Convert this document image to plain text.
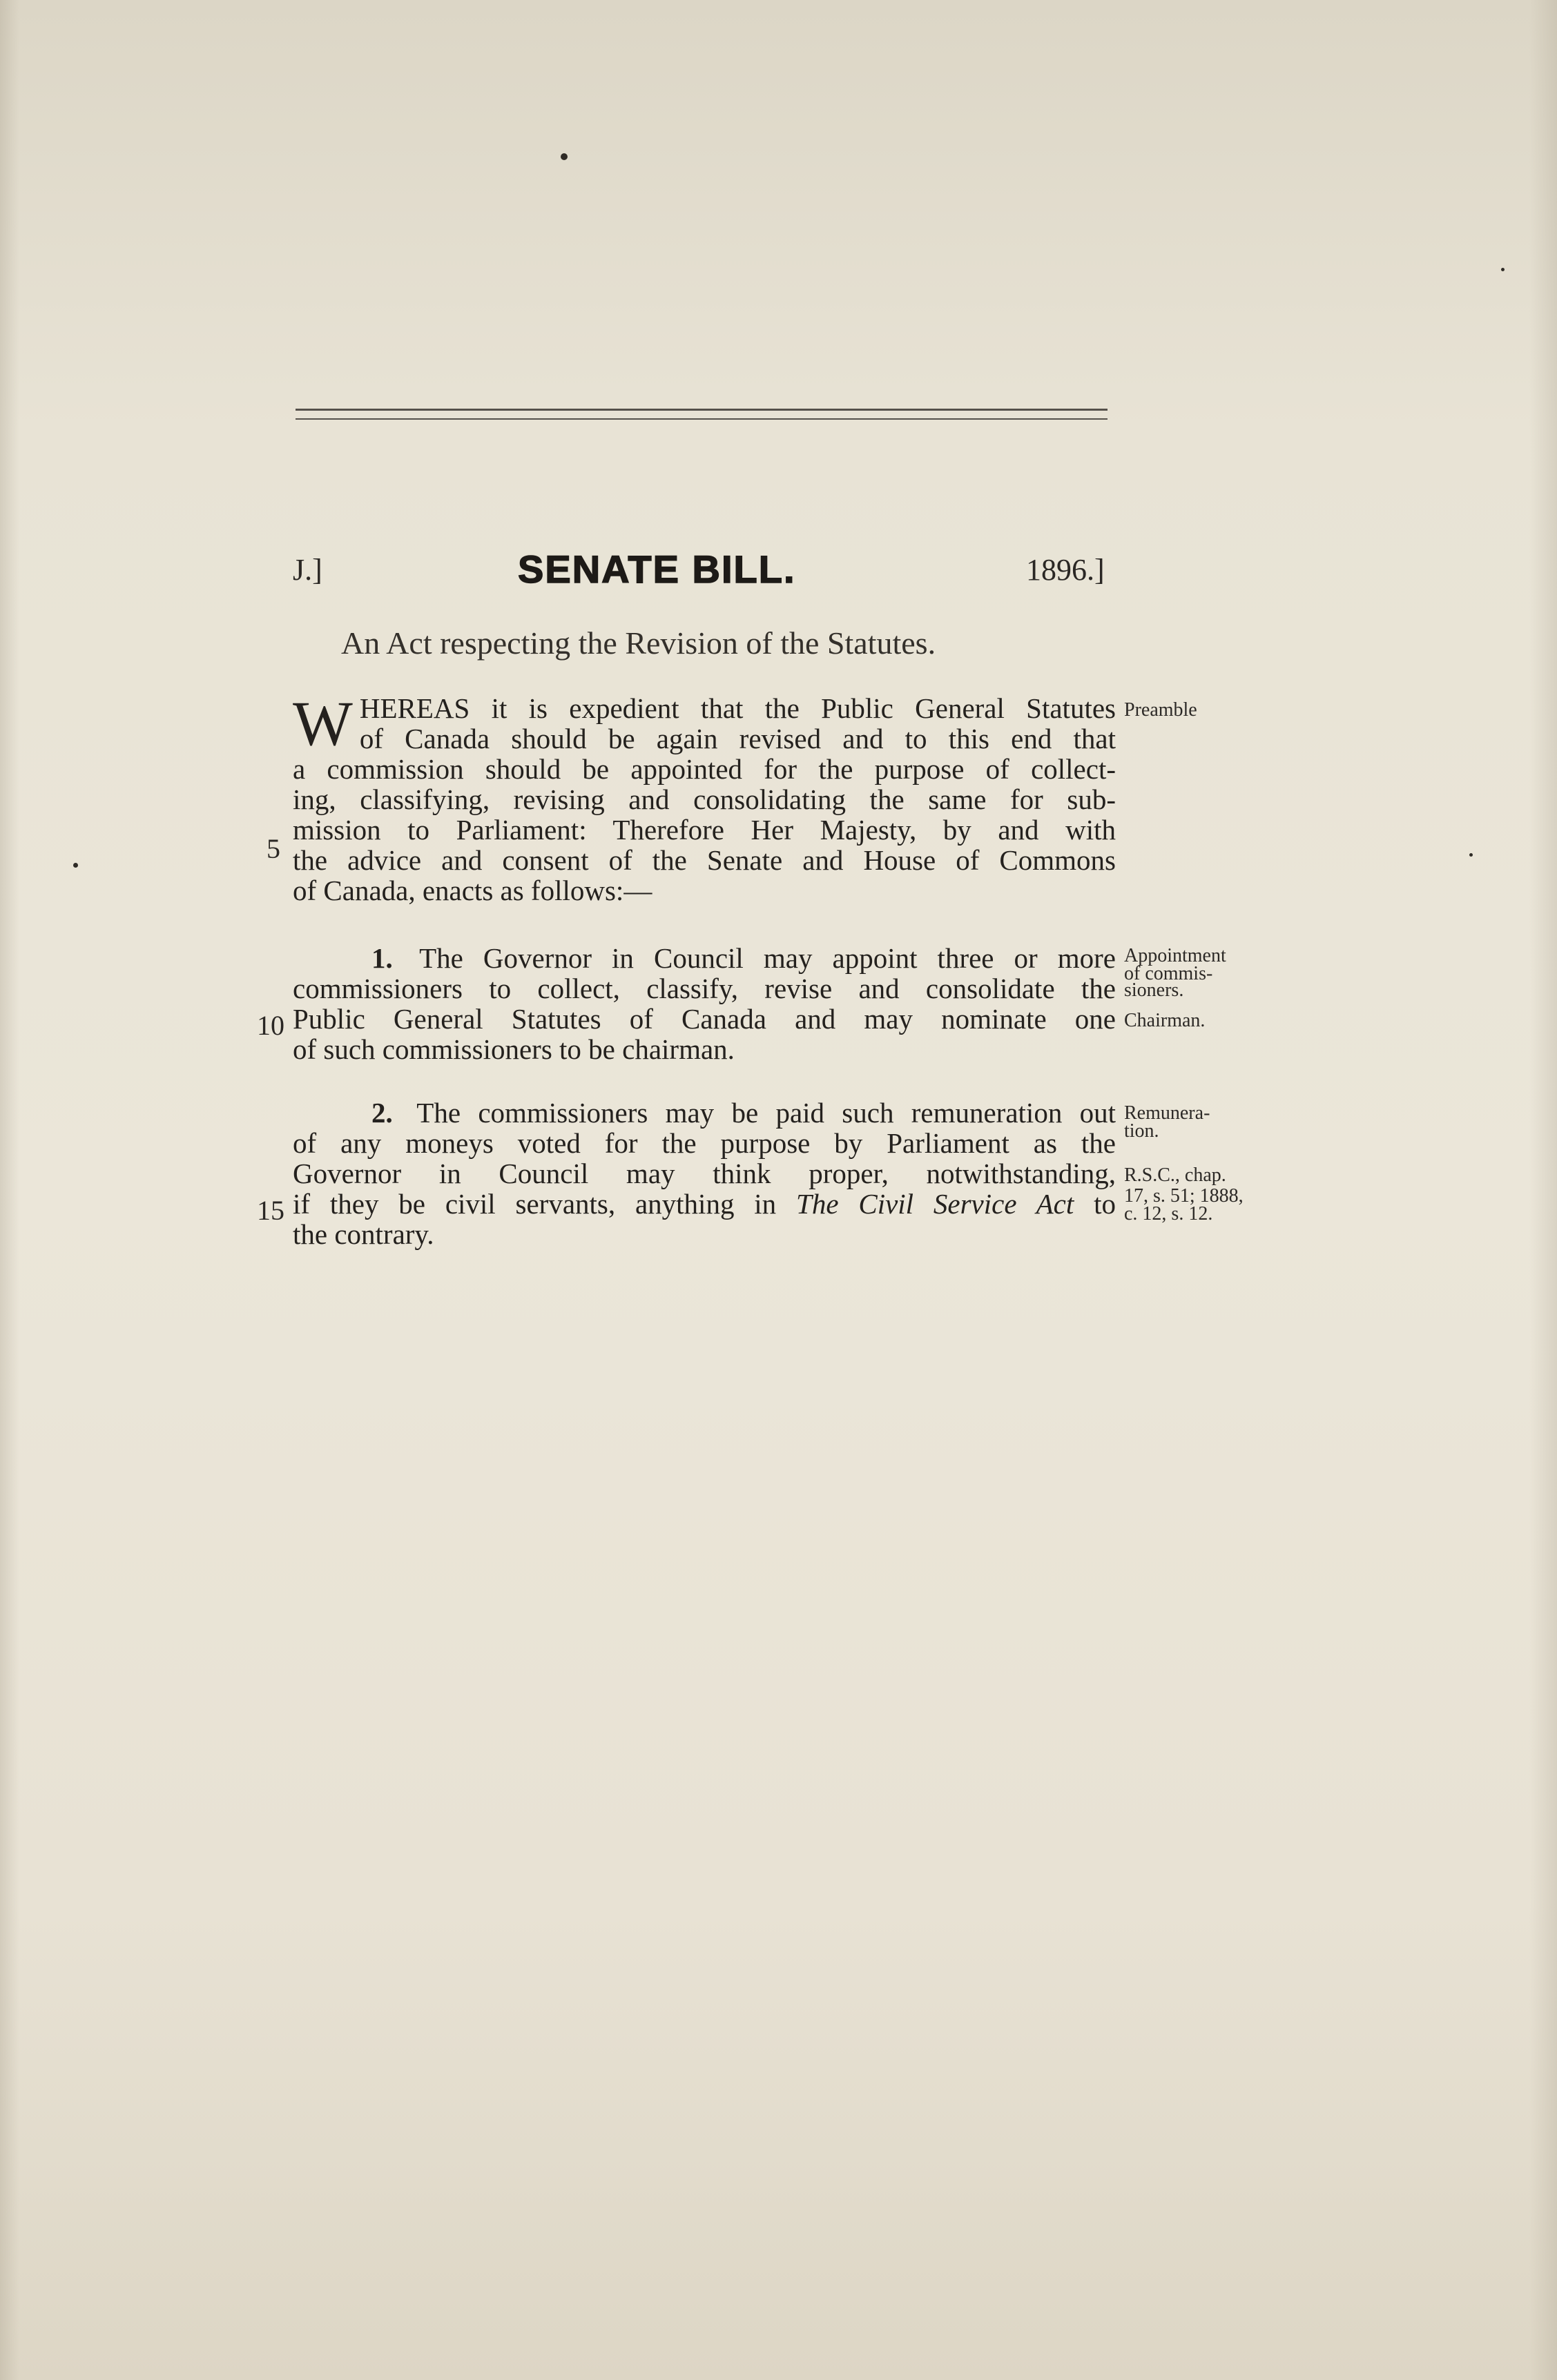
J.]	SENATE BILL.	1896.]
An Act respecting the Revision of the Statutes.
W HEREAS it is expedient that the Public General Statutes
of Canada should be again revised and to this end that
a commission should be appointed for the purpose of collect-
ing, classifying, revising and consolidating the same for sub-
mission to Parliament: Therefore Her Majesty, by and with
the advice and consent of the Senate and House of Commons
of Canada, enacts as follows:—
5
Preamble
1. The Governor in Council may appoint three or more
commissioners to collect, classify, revise and consolidate the
Public General Statutes of Canada and may nominate one
of such commissioners to be chairman.
10
Appointment
of commis-
sioners.
Chairman.
2. The commissioners may be paid such remuneration out
of any moneys voted for the purpose by Parliament as the
Governor in Council may think proper, notwithstanding,
if they be civil servants, anything in The Civil Service Act to
the contrary.
15
Remunera-
tion.
R.S.C., chap.
17, s. 51; 1888,
c. 12, s. 12.
